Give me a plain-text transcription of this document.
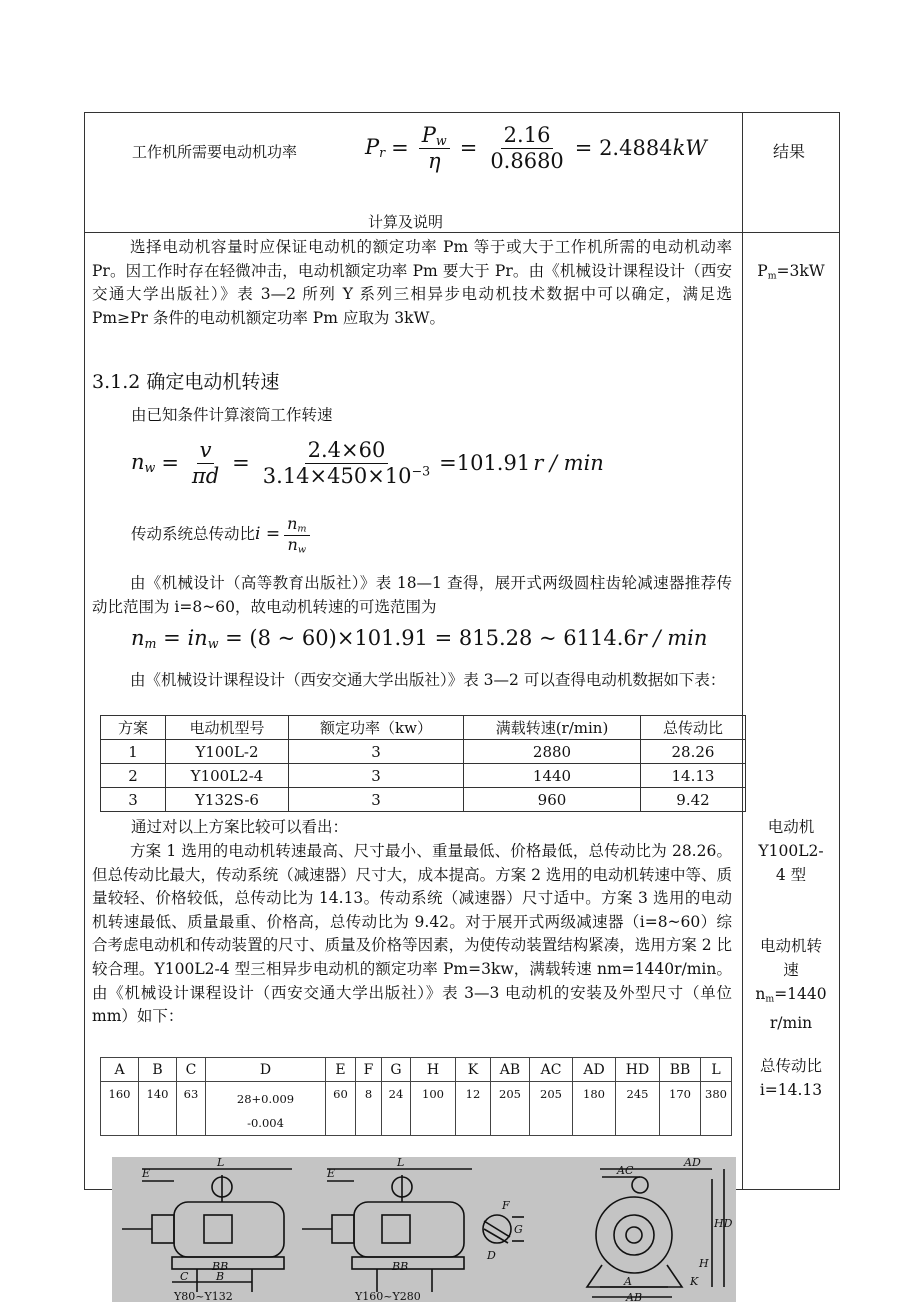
工作机所需要电动机功率	$P_r = \frac{P_w}{\eta} = \frac{2.16}{0.8680} = 2.4884$ kW
计算及说明
结果
选择电动机容量时应保证电动机的额定功率 Pm 等于或大于工作机所需的电动机动率 Pr。因工作时存在轻微冲击，电动机额定功率 Pm 要大于 Pr。由《机械设计课程设计（西安交通大学出版社）》表 3—2 所列 Y 系列三相异步电动机技术数据中可以确定，满足选 Pm≥Pr 条件的电动机额定功率 Pm 应取为 3kW。
$P_m=3kW$
3.1.2 确定电动机转速
由已知条件计算滚筒工作转速
$n_w = \frac{v}{\pi d} = \frac{2.4\times 60}{3.14\times 450\times 10^{-3}} =101.91$ r / min
传动系统总传动比 $i = \frac{n_m}{n_w}$
由《机械设计（高等教育出版社）》表 18—1 查得，展开式两级圆柱齿轮减速器推荐传动比范围为 i=8~60，故电动机转速的可选范围为
$n_m = in_w = (8$ ~ 60)×101.91 = 815.28 ~ 6114.6r / min
由《机械设计课程设计（西安交通大学出版社）》表 3—2 可以查得电动机数据如下表：
方案	电动机型号	额定功率（kw）	满载转速(r/min)	总传动比
1	Y100L-2	3	2880	28.26
2	Y100L2-4	3	1440	14.13
3	Y132S-6	3	960	9.42
通过对以上方案比较可以看出：
方案 1 选用的电动机转速最高、尺寸最小、重量最低、价格最低，总传动比为 28.26。但总传动比最大，传动系统（减速器）尺寸大，成本提高。方案 2 选用的电动机转速中等、质量较轻、价格较低，总传动比为 14.13。传动系统（减速器）尺寸适中。方案 3 选用的电动机转速最低、质量最重、价格高，总传动比为 9.42。对于展开式两级减速器（i=8~60）综合考虑电动机和传动装置的尺寸、质量及价格等因素，为使传动装置结构紧凑，选用方案 2 比较合理。Y100L2-4 型三相异步电动机的额定功率 Pm=3kw，满载转速 nm=1440r/min。由《机械设计课程设计（西安交通大学出版社）》表 3—3 电动机的安装及外型尺寸（单位 mm）如下：
电动机
Y100L2-
4 型
电动机转
速
$n_m=1440$
r/min
总传动比
i=14.13
A	B	C	D	E	F	G	H	K	AB	AC	AD	HD	BB	L
160	140	63	28+0.009
-0.004	60	8	24	100	12	205	205	180	245	170	380
L
E
C	B
BB
L
E
BB
F
G
D
AC
AD
HD
H
A
AB
K
Y80~Y132	Y160~Y280
